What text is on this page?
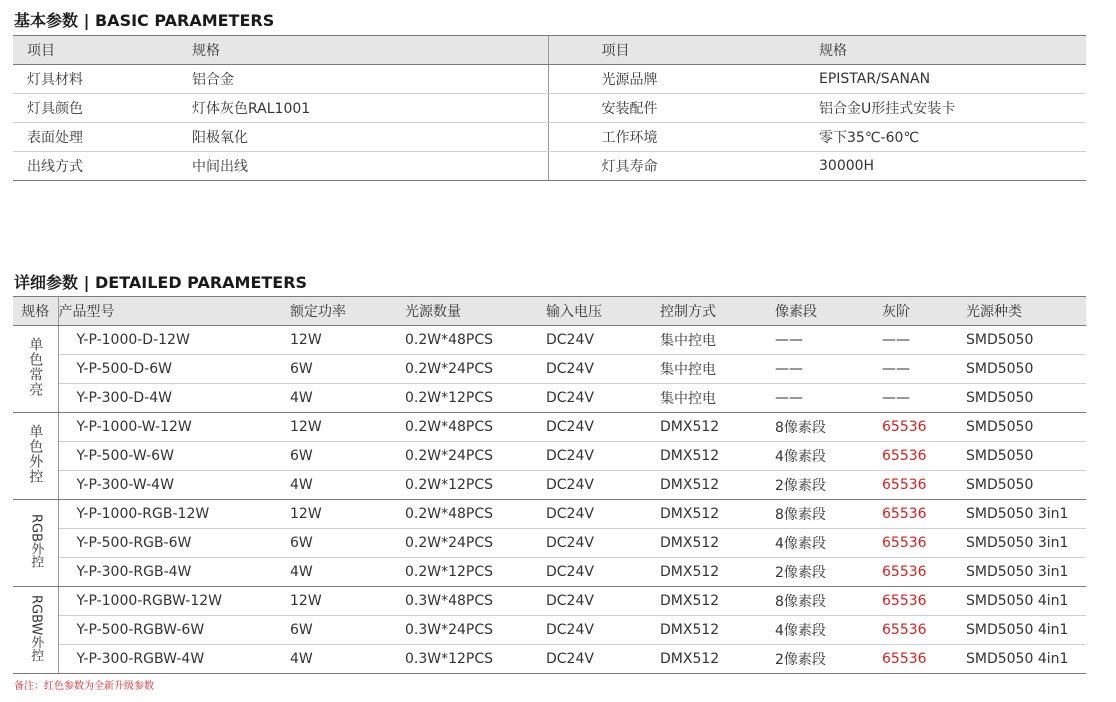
基本参数 | BASIC PARAMETERS
项目	规格	项目	规格
灯具材料	铝合金	光源品牌	EPISTAR/SANAN
灯具颜色	灯体灰色RAL1001	安装配件	铝合金U形挂式安装卡
表面处理	阳极氧化	工作环境	零下35℃-60℃
出线方式	中间出线	灯具寿命	30000H
详细参数 | DETAILED PARAMETERS
规格	产品型号	额定功率	光源数量	输入电压	控制方式	像素段	灰阶	光源种类
单色常亮	Y-P-1000-D-12W	12W	0.2W*48PCS	DC24V	集中控电	——	——	SMD5050
	Y-P-500-D-6W	6W	0.2W*24PCS	DC24V	集中控电	——	——	SMD5050
	Y-P-300-D-4W	4W	0.2W*12PCS	DC24V	集中控电	——	——	SMD5050
单色外控	Y-P-1000-W-12W	12W	0.2W*48PCS	DC24V	DMX512	8像素段	65536	SMD5050
	Y-P-500-W-6W	6W	0.2W*24PCS	DC24V	DMX512	4像素段	65536	SMD5050
	Y-P-300-W-4W	4W	0.2W*12PCS	DC24V	DMX512	2像素段	65536	SMD5050
RGB外控	Y-P-1000-RGB-12W	12W	0.2W*48PCS	DC24V	DMX512	8像素段	65536	SMD5050 3in1
	Y-P-500-RGB-6W	6W	0.2W*24PCS	DC24V	DMX512	4像素段	65536	SMD5050 3in1
	Y-P-300-RGB-4W	4W	0.2W*12PCS	DC24V	DMX512	2像素段	65536	SMD5050 3in1
RGBW外控	Y-P-1000-RGBW-12W	12W	0.3W*48PCS	DC24V	DMX512	8像素段	65536	SMD5050 4in1
	Y-P-500-RGBW-6W	6W	0.3W*24PCS	DC24V	DMX512	4像素段	65536	SMD5050 4in1
	Y-P-300-RGBW-4W	4W	0.3W*12PCS	DC24V	DMX512	2像素段	65536	SMD5050 4in1
备注：红色参数为全新升级参数
